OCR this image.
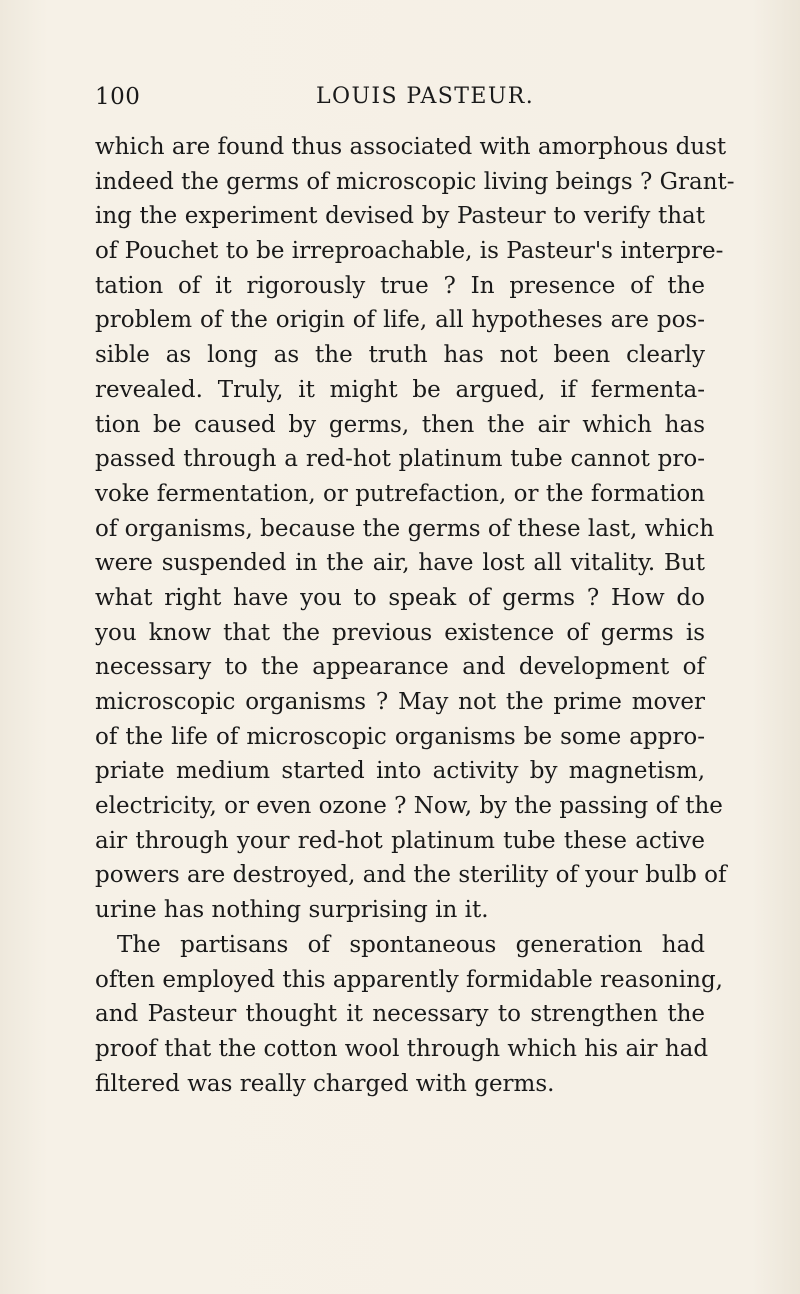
100	LOUIS PASTEUR.
which are found thus associated with amorphous dust
indeed the germs of microscopic living beings ? Grant-
ing the experiment devised by Pasteur to verify that
of Pouchet to be irreproachable, is Pasteur's interpre-
tation of it rigorously true ? In presence of the
problem of the origin of life, all hypotheses are pos-
sible as long as the truth has not been clearly
revealed. Truly, it might be argued, if fermenta-
tion be caused by germs, then the air which has
passed through a red-hot platinum tube cannot pro-
voke fermentation, or putrefaction, or the formation
of organisms, because the germs of these last, which
were suspended in the air, have lost all vitality. But
what right have you to speak of germs ? How do
you know that the previous existence of germs is
necessary to the appearance and development of
microscopic organisms ? May not the prime mover
of the life of microscopic organisms be some appro-
priate medium started into activity by magnetism,
electricity, or even ozone ? Now, by the passing of the
air through your red-hot platinum tube these active
powers are destroyed, and the sterility of your bulb of
urine has nothing surprising in it.
The partisans of spontaneous generation had
often employed this apparently formidable reasoning,
and Pasteur thought it necessary to strengthen the
proof that the cotton wool through which his air had
filtered was really charged with germs.
